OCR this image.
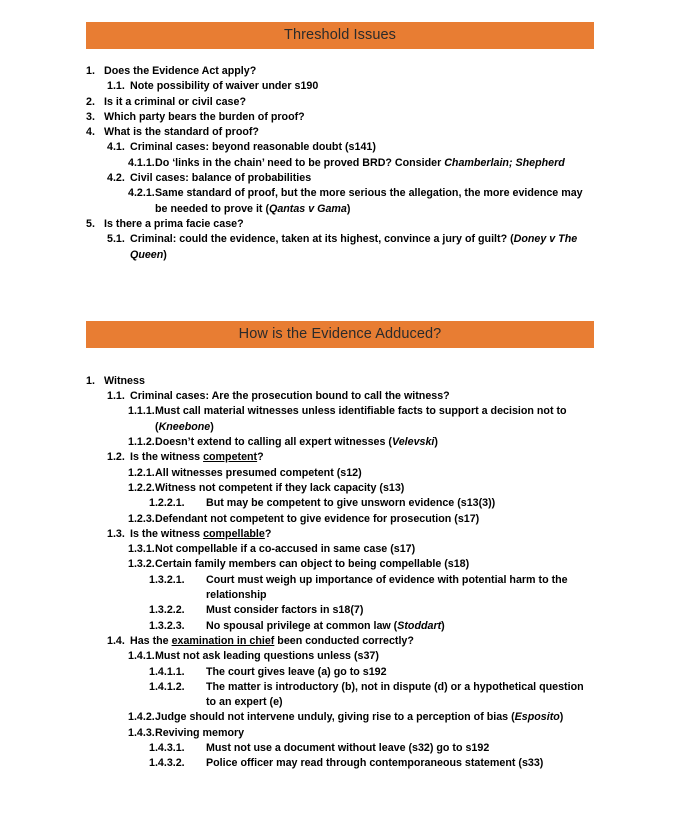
Threshold Issues
1. Does the Evidence Act apply?
1.1. Note possibility of waiver under s190
2. Is it a criminal or civil case?
3. Which party bears the burden of proof?
4. What is the standard of proof?
4.1. Criminal cases: beyond reasonable doubt (s141)
4.1.1. Do ‘links in the chain’ need to be proved BRD? Consider Chamberlain; Shepherd
4.2. Civil cases: balance of probabilities
4.2.1. Same standard of proof, but the more serious the allegation, the more evidence may be needed to prove it (Qantas v Gama)
5. Is there a prima facie case?
5.1. Criminal: could the evidence, taken at its highest, convince a jury of guilt? (Doney v The Queen)
How is the Evidence Adduced?
1. Witness
1.1. Criminal cases: Are the prosecution bound to call the witness?
1.1.1. Must call material witnesses unless identifiable facts to support a decision not to (Kneebone)
1.1.2. Doesn’t extend to calling all expert witnesses (Velevski)
1.2. Is the witness competent?
1.2.1. All witnesses presumed competent (s12)
1.2.2. Witness not competent if they lack capacity (s13)
1.2.2.1.	But may be competent to give unsworn evidence (s13(3))
1.2.3. Defendant not competent to give evidence for prosecution (s17)
1.3. Is the witness compellable?
1.3.1. Not compellable if a co-accused in same case (s17)
1.3.2. Certain family members can object to being compellable (s18)
1.3.2.1.	Court must weigh up importance of evidence with potential harm to the relationship
1.3.2.2.	Must consider factors in s18(7)
1.3.2.3.	No spousal privilege at common law (Stoddart)
1.4. Has the examination in chief been conducted correctly?
1.4.1. Must not ask leading questions unless (s37)
1.4.1.1.	The court gives leave (a) go to s192
1.4.1.2.	The matter is introductory (b), not in dispute (d) or a hypothetical question to an expert (e)
1.4.2. Judge should not intervene unduly, giving rise to a perception of bias (Esposito)
1.4.3. Reviving memory
1.4.3.1.	Must not use a document without leave (s32) go to s192
1.4.3.2.	Police officer may read through contemporaneous statement (s33)
